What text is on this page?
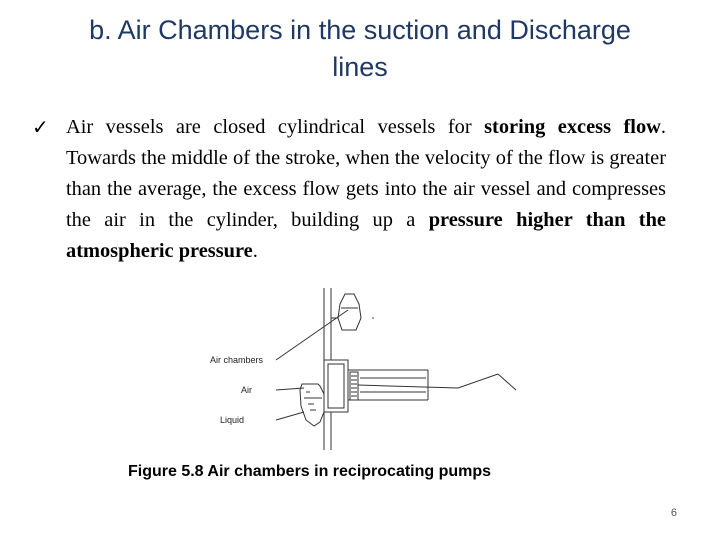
b. Air Chambers in the suction and Discharge
lines
✓ Air vessels are closed cylindrical vessels for storing excess flow. Towards the middle of the stroke, when the velocity of the flow is greater than the average, the excess flow gets into the air vessel and compresses the air in the cylinder, building up a pressure higher than the atmospheric pressure.

Air chambers
Air
Liquid

Figure 5.8 Air chambers in reciprocating pumps

6
